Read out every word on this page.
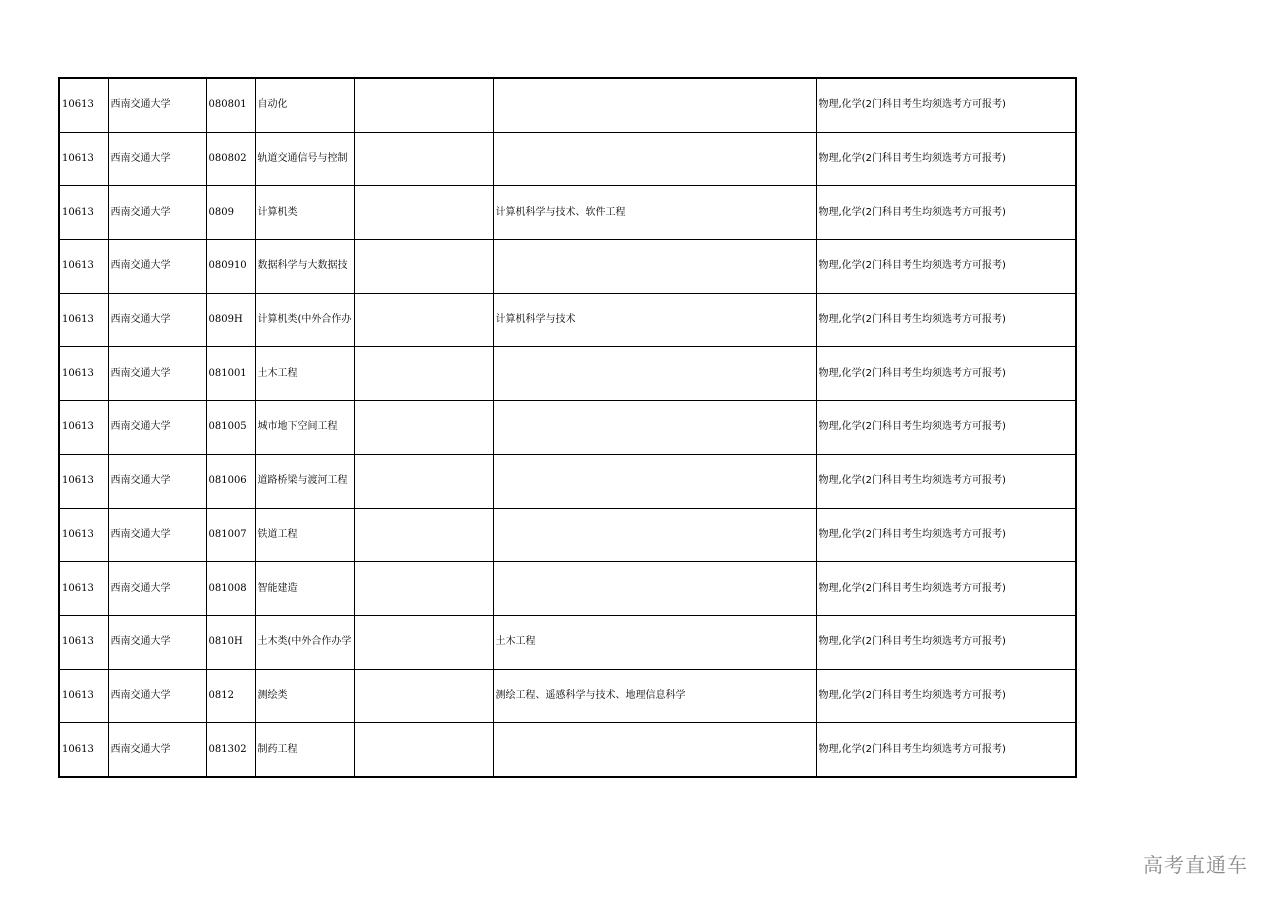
10613	西南交通大学	080801	自动化			物理,化学(2门科目考生均须选考方可报考)
10613	西南交通大学	080802	轨道交通信号与控制			物理,化学(2门科目考生均须选考方可报考)
10613	西南交通大学	0809	计算机类		计算机科学与技术、软件工程	物理,化学(2门科目考生均须选考方可报考)
10613	西南交通大学	080910	数据科学与大数据技			物理,化学(2门科目考生均须选考方可报考)
10613	西南交通大学	0809H	计算机类(中外合作办		计算机科学与技术	物理,化学(2门科目考生均须选考方可报考)
10613	西南交通大学	081001	土木工程			物理,化学(2门科目考生均须选考方可报考)
10613	西南交通大学	081005	城市地下空间工程			物理,化学(2门科目考生均须选考方可报考)
10613	西南交通大学	081006	道路桥梁与渡河工程			物理,化学(2门科目考生均须选考方可报考)
10613	西南交通大学	081007	铁道工程			物理,化学(2门科目考生均须选考方可报考)
10613	西南交通大学	081008	智能建造			物理,化学(2门科目考生均须选考方可报考)
10613	西南交通大学	0810H	土木类(中外合作办学		土木工程	物理,化学(2门科目考生均须选考方可报考)
10613	西南交通大学	0812	测绘类		测绘工程、遥感科学与技术、地理信息科学	物理,化学(2门科目考生均须选考方可报考)
10613	西南交通大学	081302	制药工程			物理,化学(2门科目考生均须选考方可报考)
高考直通车
